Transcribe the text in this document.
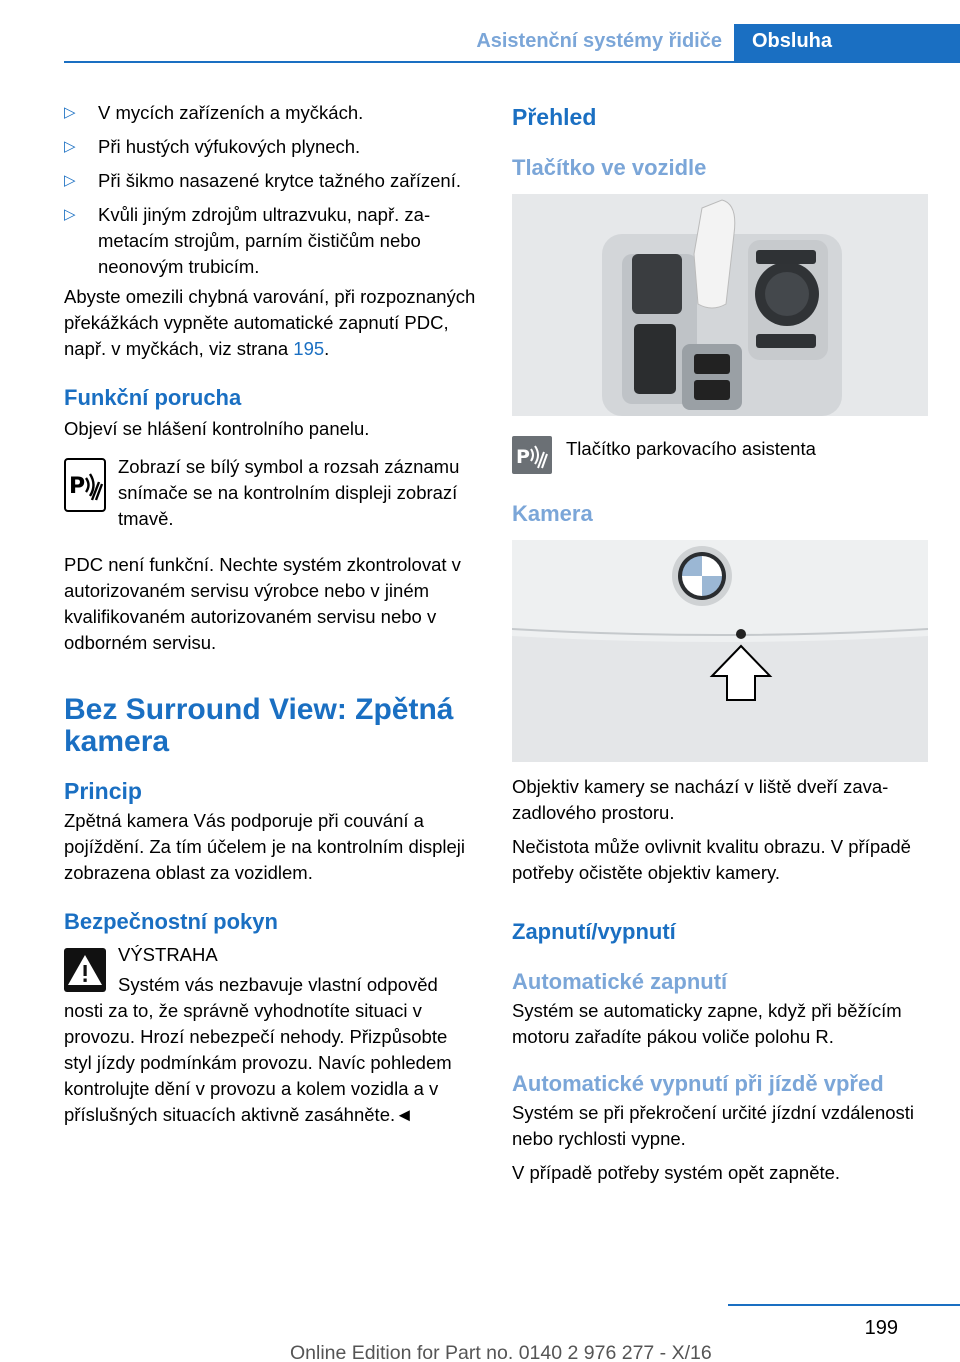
Asistenční systémy řidiče	Obsluha
▷ V mycích zařízeních a myčkách.
▷ Při hustých výfukových plynech.
▷ Při šikmo nasazené krytce tažného zařízení.
▷ Kvůli jiným zdrojům ultrazvuku, např. zametacím strojům, parním čističům nebo neonovým trubicím.

Abyste omezili chybná varování, při rozpoznaných překážkách vypněte automatické zapnutí PDC, např. v myčkách, viz strana 195.

Funkční porucha

Objeví se hlášení kontrolního panelu.

P

Zobrazí se bílý symbol a rozsah záznamu snímače se na kontrolním displeji zobrazí tmavě.

PDC není funkční. Nechte systém zkontrolovat v autorizovaném servisu výrobce nebo v jiném kvalifikovaném autorizovaném servisu nebo v odborném servisu.

Bez Surround View: Zpětná kamera
Princip

Zpětná kamera Vás podporuje při couvání a pojíždění. Za tím účelem je na kontrolním displeji zobrazena oblast za vozidlem.

Bezpečnostní pokyn

VÝSTRAHA

Systém vás nezbavuje vlastní odpověd

nosti za to, že správně vyhodnotíte situaci v provozu. Hrozí nebezpečí nehody. Přizpůsobte styl jízdy podmínkám provozu. Navíc pohledem kontrolujte dění v provozu a kolem vozidla a v příslušných situacích aktivně zasáhněte.◄

Přehled
Tlačítko ve vozidle
P Tlačítko parkovacího asistenta

Kamera

Objektiv kamery se nachází v liště dveří zavazadlového prostoru.

Nečistota může ovlivnit kvalitu obrazu. V případě potřeby očistěte objektiv kamery.

Zapnutí/vypnutí
Automatické zapnutí

Systém se automaticky zapne, když při běžícím motoru zařadíte pákou voliče polohu R.

Automatické vypnutí při jízdě vpřed

Systém se při překročení určité jízdní vzdálenosti nebo rychlosti vypne.

V případě potřeby systém opět zapněte.

199
Online Edition for Part no. 0140 2 976 277 - X/16
